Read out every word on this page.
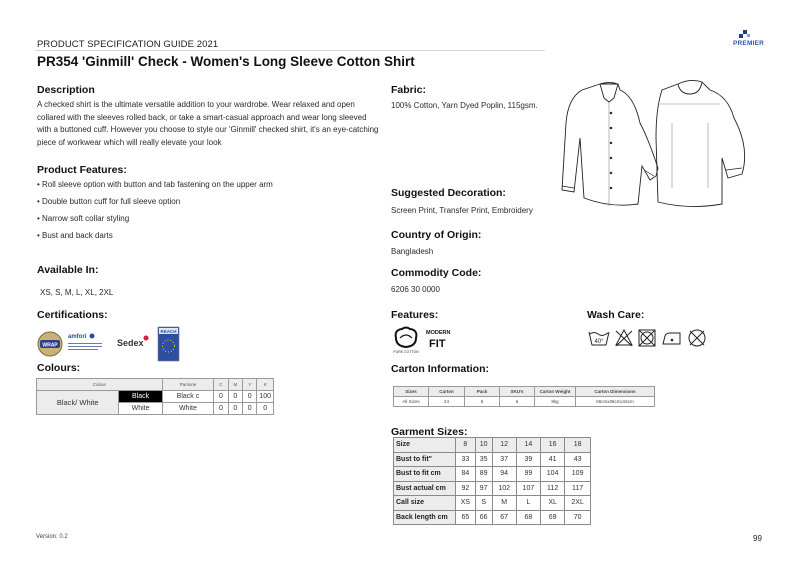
PRODUCT SPECIFICATION GUIDE 2021
PR354 'Ginmill' Check - Women's Long Sleeve Cotton Shirt
PREMIER
Description

A checked shirt is the ultimate versatile addition to your wardrobe. Wear relaxed and open collared with the sleeves rolled back, or take a smart-casual approach and wear long sleeved with a buttoned cuff. However you choose to style our 'Ginmill' checked shirt, it's an eye-catching piece of workwear which will really elevate your look

Product Features:
• Roll sleeve option with button and tab fastening on the upper arm
• Double button cuff for full sleeve option
• Narrow soft collar styling
• Bust and back darts
Available In:
XS, S, M, L, XL, 2XL
Certifications:
WRAP
amfori
Sedex
REACH
Colours:
Colour		Pantone	C	M	Y	K
Black/ White	Black	Black c	0	0	0	100
	White	White	0	0	0	0
Fabric:
100% Cotton, Yarn Dyed Poplin, 115gsm.
Suggested Decoration:
Screen Print, Transfer Print, Embroidery
Country of Origin:
Bangladesh
Commodity Code:
6206 30 0000
Features:
PURE COTTON
MODERN
FIT
Wash Care:
40°
Carton Information:
Sizes	Carton	Pack	SKU's	Carton Weight	Carton Dimensions
All Sizes	24	6	6	8kg	56cmx36cmx15cm
Garment Sizes:
Size	8	10	12	14	16	18
Bust to fit"	33	35	37	39	41	43
Bust to fit cm	84	89	94	99	104	109
Bust actual cm	92	97	102	107	112	117
Call size	XS	S	M	L	XL	2XL
Back length cm	65	66	67	68	69	70
Version: 0.2	99
